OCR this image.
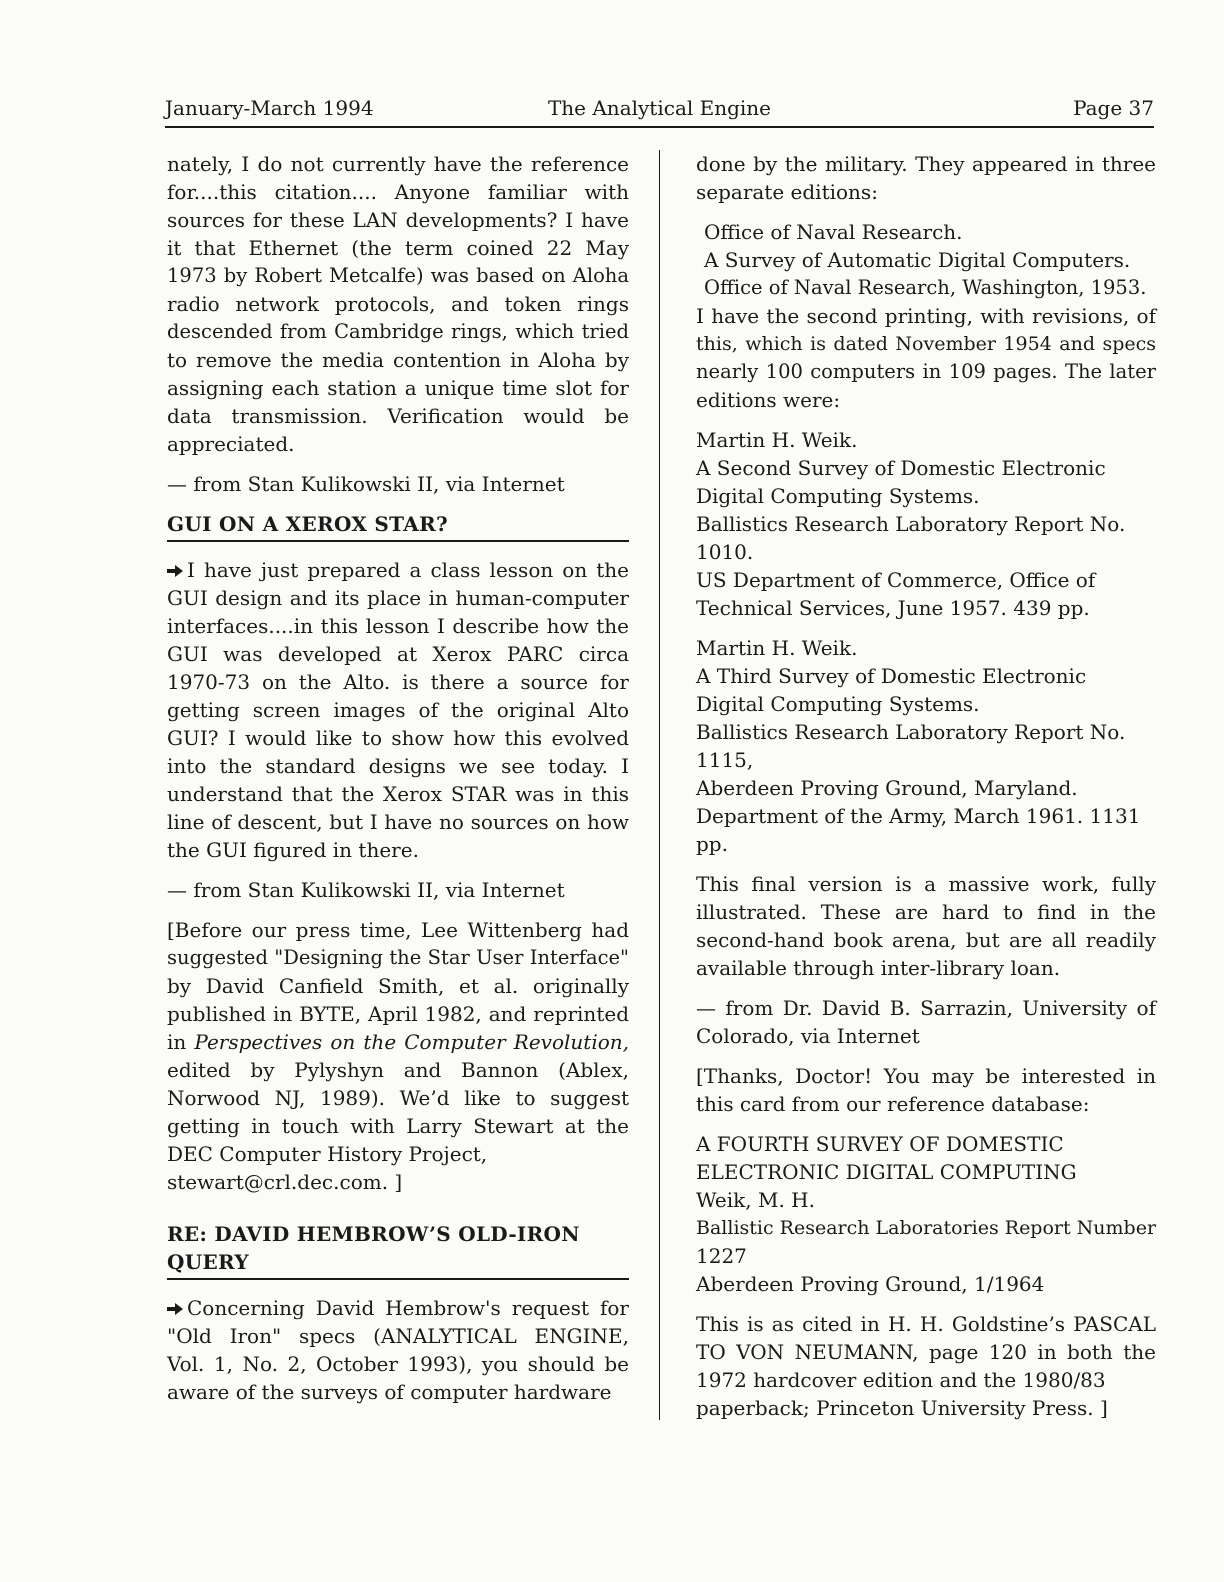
January-March 1994	The Analytical Engine	Page 37

nately, I do not currently have the reference
for....this citation.... Anyone familiar with
sources for these LAN developments? I have
it that Ethernet (the term coined 22 May
1973 by Robert Metcalfe) was based on Aloha
radio network protocols, and token rings
descended from Cambridge rings, which tried
to remove the media contention in Aloha by
assigning each station a unique time slot for
data transmission. Verification would be
appreciated.

— from Stan Kulikowski II, via Internet

GUI ON A XEROX STAR?

I have just prepared a class lesson on the
GUI design and its place in human-computer
interfaces....in this lesson I describe how the
GUI was developed at Xerox PARC circa
1970-73 on the Alto. is there a source for
getting screen images of the original Alto
GUI? I would like to show how this evolved
into the standard designs we see today. I
understand that the Xerox STAR was in this
line of descent, but I have no sources on how
the GUI figured in there.

— from Stan Kulikowski II, via Internet

[Before our press time, Lee Wittenberg had
suggested "Designing the Star User Interface"
by David Canfield Smith, et al. originally
published in BYTE, April 1982, and reprinted
in Perspectives on the Computer Revolution,
edited by Pylyshyn and Bannon (Ablex,
Norwood NJ, 1989). We’d like to suggest
getting in touch with Larry Stewart at the
DEC Computer History Project,
stewart@crl.dec.com. ]

RE: DAVID HEMBROW’S OLD-IRON
QUERY

Concerning David Hembrow's request for
"Old Iron" specs (ANALYTICAL ENGINE,
Vol. 1, No. 2, October 1993), you should be
aware of the surveys of computer hardware

done by the military. They appeared in three
separate editions:

Office of Naval Research.
A Survey of Automatic Digital Computers.
Office of Naval Research, Washington, 1953.

I have the second printing, with revisions, of
this, which is dated November 1954 and specs
nearly 100 computers in 109 pages. The later
editions were:

Martin H. Weik.
A Second Survey of Domestic Electronic
Digital Computing Systems.
Ballistics Research Laboratory Report No.
1010.
US Department of Commerce, Office of
Technical Services, June 1957. 439 pp.

Martin H. Weik.
A Third Survey of Domestic Electronic
Digital Computing Systems.
Ballistics Research Laboratory Report No.
1115,
Aberdeen Proving Ground, Maryland.
Department of the Army, March 1961. 1131
pp.

This final version is a massive work, fully
illustrated. These are hard to find in the
second-hand book arena, but are all readily
available through inter-library loan.

— from Dr. David B. Sarrazin, University of
Colorado, via Internet

[Thanks, Doctor! You may be interested in
this card from our reference database:

A FOURTH SURVEY OF DOMESTIC
ELECTRONIC DIGITAL COMPUTING
Weik, M. H.
Ballistic Research Laboratories Report Number
1227
Aberdeen Proving Ground, 1/1964

This is as cited in H. H. Goldstine’s PASCAL
TO VON NEUMANN, page 120 in both the
1972 hardcover edition and the 1980/83
paperback; Princeton University Press. ]
